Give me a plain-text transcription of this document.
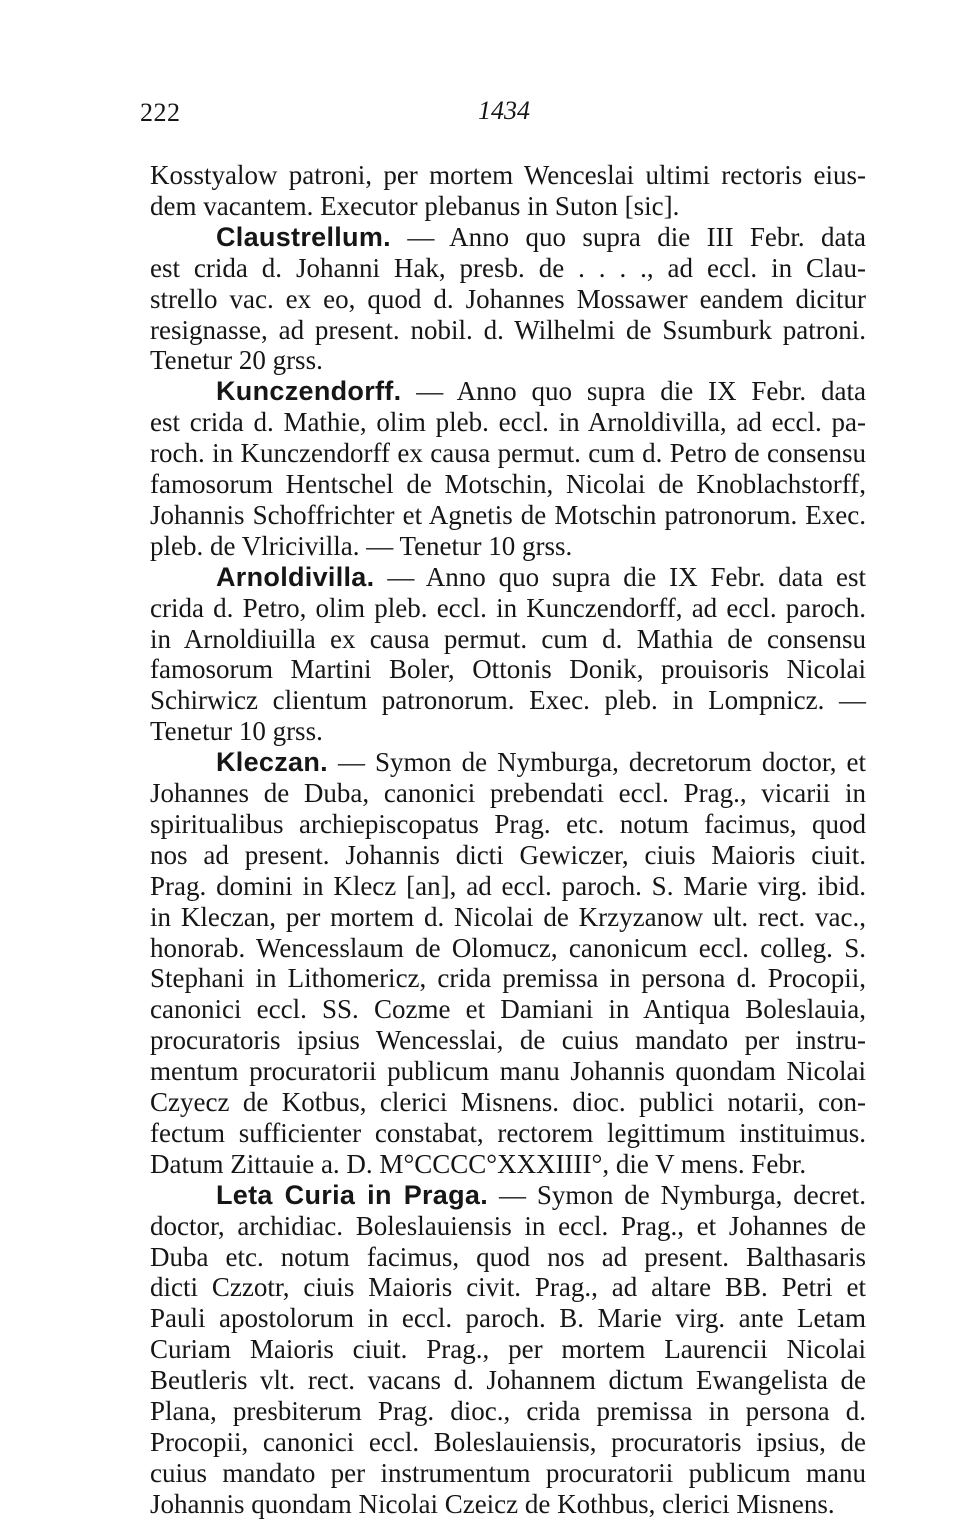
222	1434
Kosstyalow patroni, per mortem Wenceslai ultimi rectoris eius-
dem vacantem. Executor plebanus in Suton [sic].
Claustrellum. — Anno quo supra die III Febr. data
est crida d. Johanni Hak, presb. de . . . ., ad eccl. in Clau-
strello vac. ex eo, quod d. Johannes Mossawer eandem dicitur
resignasse, ad present. nobil. d. Wilhelmi de Ssumburk patroni.
Tenetur 20 grss.
Kunczendorff. — Anno quo supra die IX Febr. data
est crida d. Mathie, olim pleb. eccl. in Arnoldivilla, ad eccl. pa-
roch. in Kunczendorff ex causa permut. cum d. Petro de consensu
famosorum Hentschel de Motschin, Nicolai de Knoblachstorff,
Johannis Schoffrichter et Agnetis de Motschin patronorum. Exec.
pleb. de Vlricivilla. — Tenetur 10 grss.
Arnoldivilla. — Anno quo supra die IX Febr. data est
crida d. Petro, olim pleb. eccl. in Kunczendorff, ad eccl. paroch.
in Arnoldiuilla ex causa permut. cum d. Mathia de consensu
famosorum Martini Boler, Ottonis Donik, prouisoris Nicolai
Schirwicz clientum patronorum. Exec. pleb. in Lompnicz. —
Tenetur 10 grss.
Kleczan. — Symon de Nymburga, decretorum doctor, et
Johannes de Duba, canonici prebendati eccl. Prag., vicarii in
spiritualibus archiepiscopatus Prag. etc. notum facimus, quod
nos ad present. Johannis dicti Gewiczer, ciuis Maioris ciuit.
Prag. domini in Klecz [an], ad eccl. paroch. S. Marie virg. ibid.
in Kleczan, per mortem d. Nicolai de Krzyzanow ult. rect. vac.,
honorab. Wencesslaum de Olomucz, canonicum eccl. colleg. S.
Stephani in Lithomericz, crida premissa in persona d. Procopii,
canonici eccl. SS. Cozme et Damiani in Antiqua Boleslauia,
procuratoris ipsius Wencesslai, de cuius mandato per instru-
mentum procuratorii publicum manu Johannis quondam Nicolai
Czyecz de Kotbus, clerici Misnens. dioc. publici notarii, con-
fectum sufficienter constabat, rectorem legittimum instituimus.
Datum Zittauie a. D. M°CCCC°XXXIIII°, die V mens. Febr.
Leta Curia in Praga. — Symon de Nymburga, decret.
doctor, archidiac. Boleslauiensis in eccl. Prag., et Johannes de
Duba etc. notum facimus, quod nos ad present. Balthasaris
dicti Czzotr, ciuis Maioris civit. Prag., ad altare BB. Petri et
Pauli apostolorum in eccl. paroch. B. Marie virg. ante Letam
Curiam Maioris ciuit. Prag., per mortem Laurencii Nicolai
Beutleris vlt. rect. vacans d. Johannem dictum Ewangelista de
Plana, presbiterum Prag. dioc., crida premissa in persona d.
Procopii, canonici eccl. Boleslauiensis, procuratoris ipsius, de
cuius mandato per instrumentum procuratorii publicum manu
Johannis quondam Nicolai Czeicz de Kothbus, clerici Misnens.
